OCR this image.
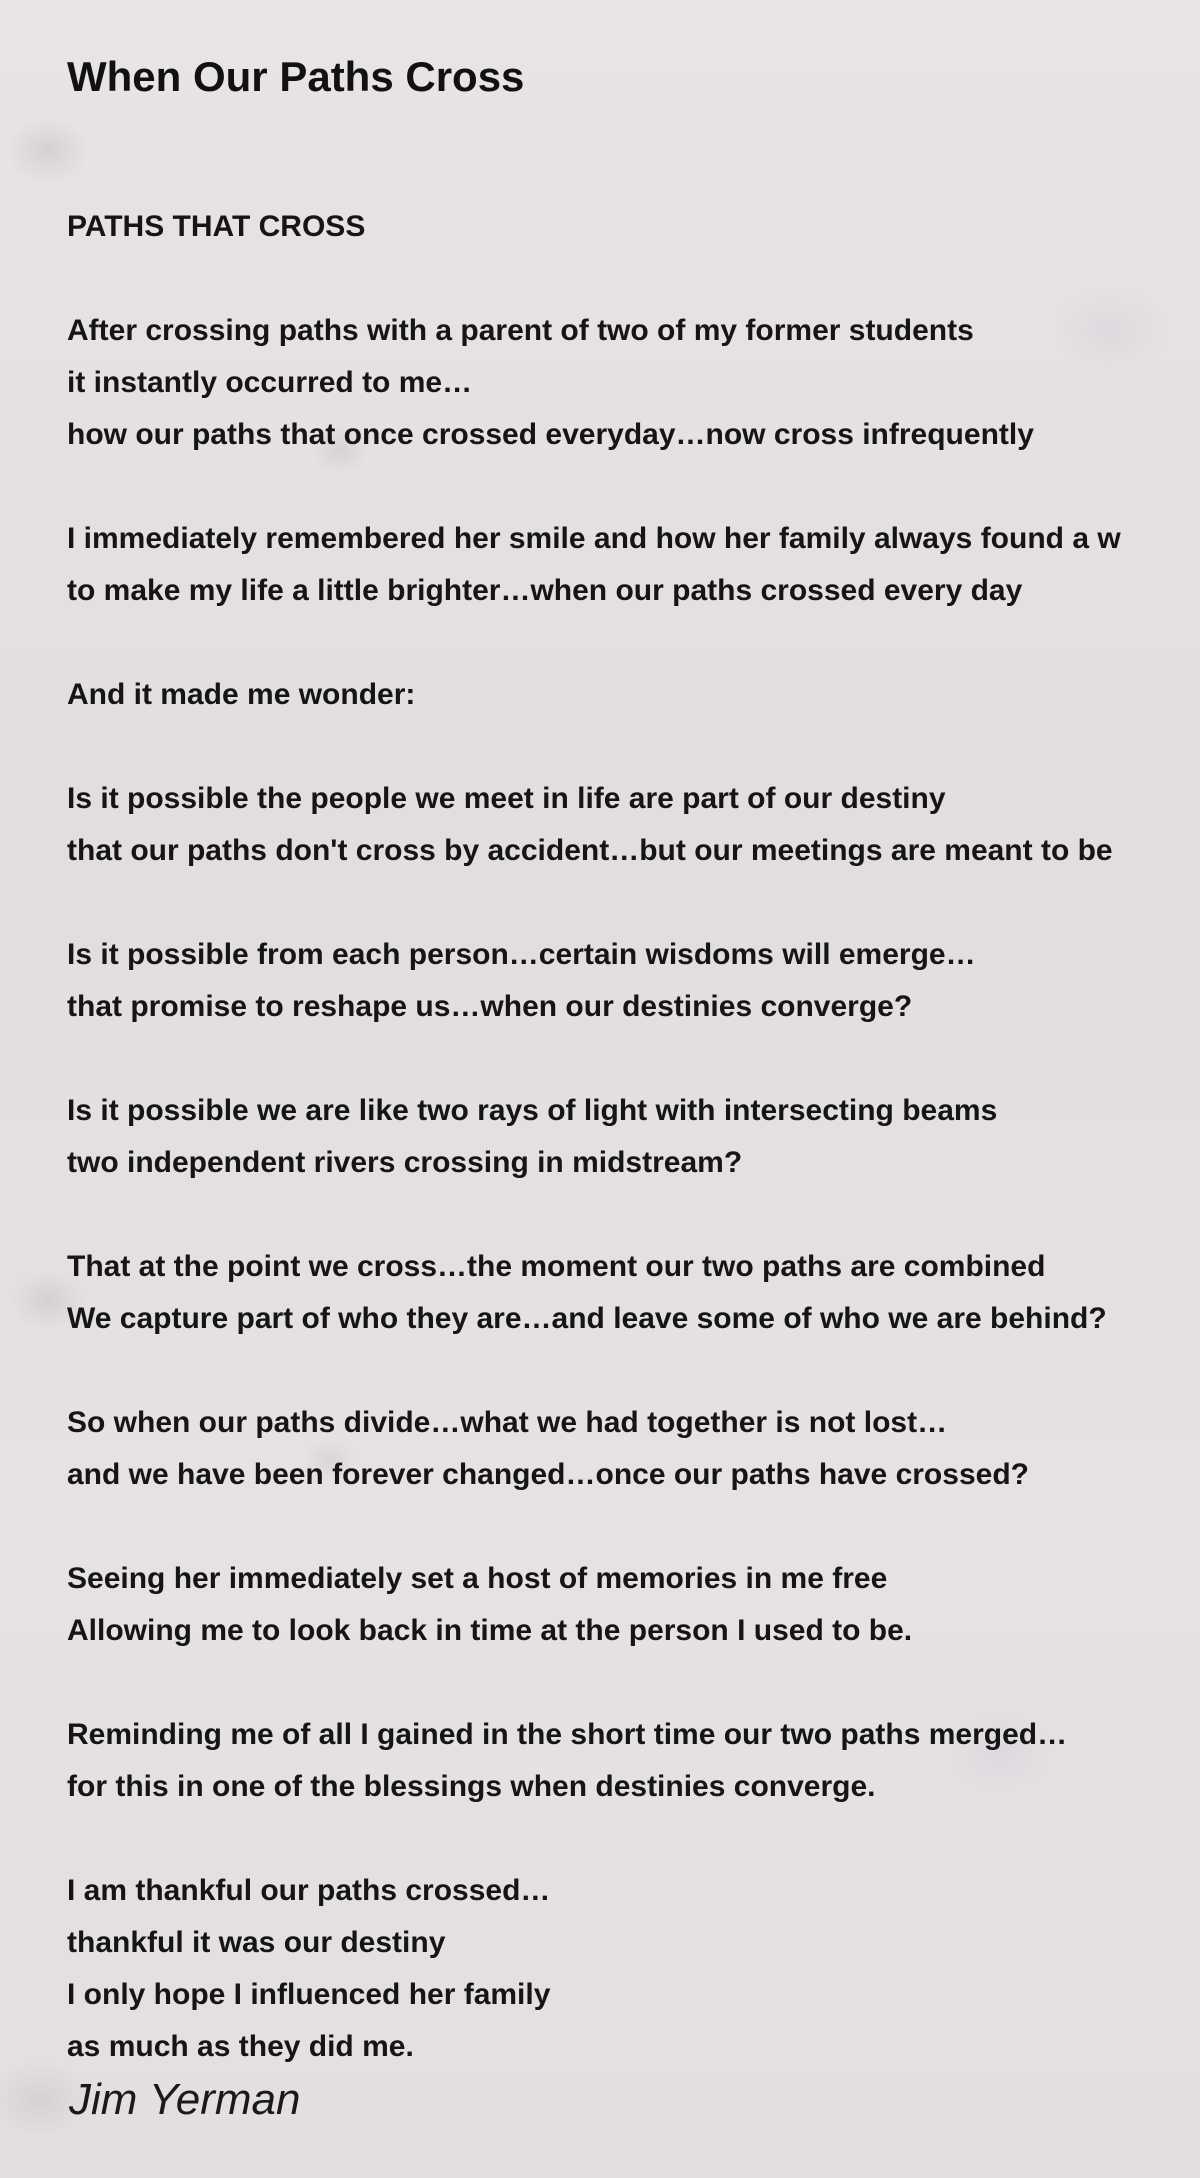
When Our Paths Cross
PATHS THAT CROSS
After crossing paths with a parent of two of my former students
it instantly occurred to me…
how our paths that once crossed everyday…now cross infrequently
I immediately remembered her smile and how her family always found a w
to make my life a little brighter…when our paths crossed every day
And it made me wonder:
Is it possible the people we meet in life are part of our destiny
that our paths don't cross by accident…but our meetings are meant to be
Is it possible from each person…certain wisdoms will emerge…
that promise to reshape us…when our destinies converge?
Is it possible we are like two rays of light with intersecting beams
two independent rivers crossing in midstream?
That at the point we cross…the moment our two paths are combined
We capture part of who they are…and leave some of who we are behind?
So when our paths divide…what we had together is not lost…
and we have been forever changed…once our paths have crossed?
Seeing her immediately set a host of memories in me free
Allowing me to look back in time at the person I used to be.
Reminding me of all I gained in the short time our two paths merged…
for this in one of the blessings when destinies converge.
I am thankful our paths crossed…
thankful it was our destiny
I only hope I influenced her family
as much as they did me.
Jim Yerman
